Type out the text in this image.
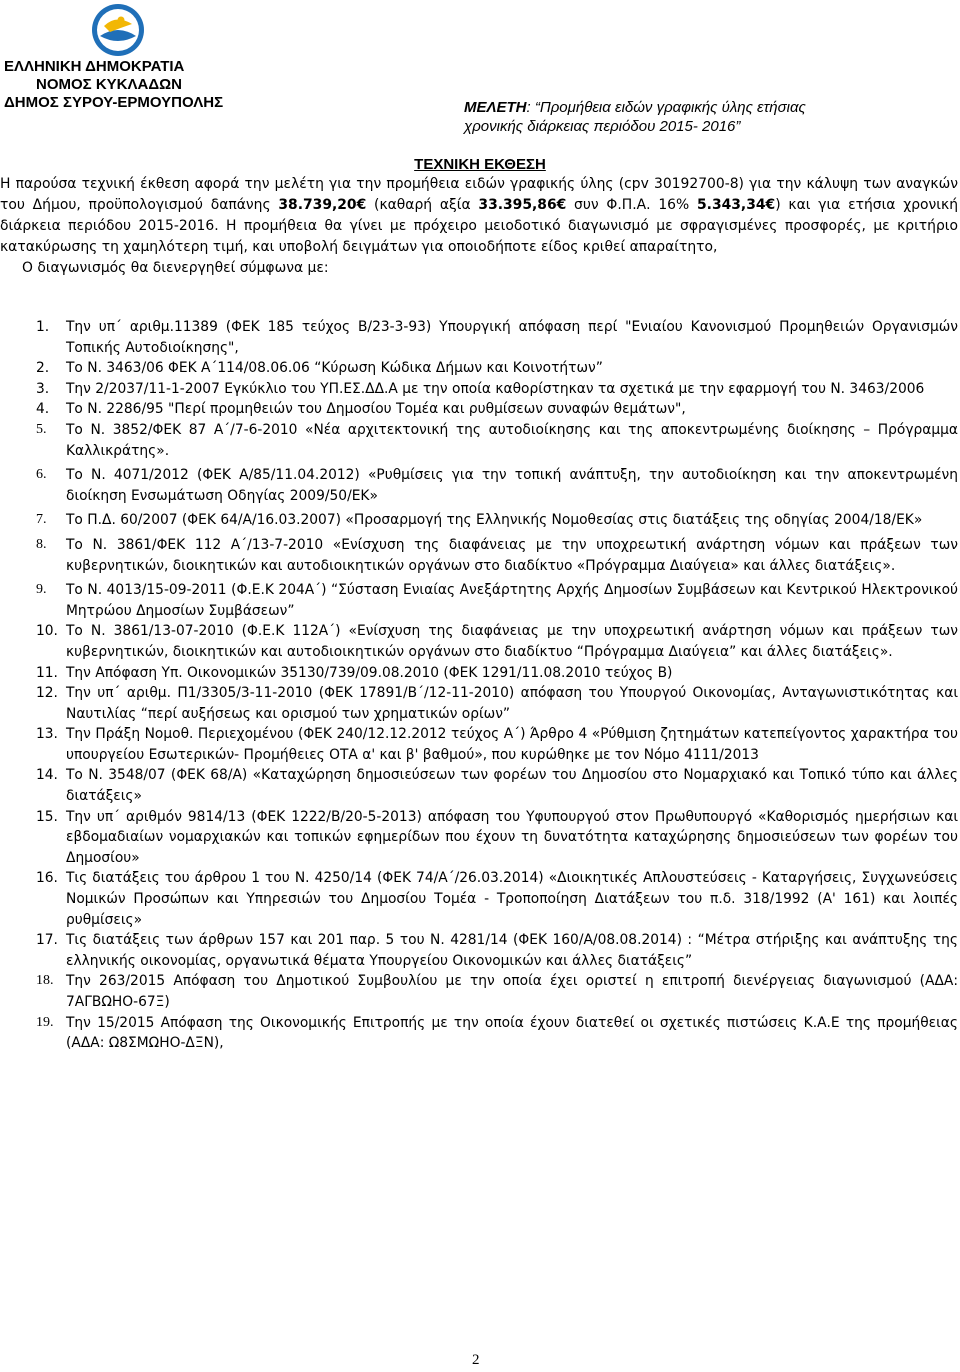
ΕΛΛΗΝΙΚΗ ΔΗΜΟΚΡΑΤΙΑ
ΝΟΜΟΣ ΚΥΚΛΑΔΩΝ
ΔΗΜΟΣ ΣΥΡΟΥ-ΕΡΜΟΥΠΟΛΗΣ	ΜΕΛΕΤΗ: “Προμήθεια ειδών γραφικής ύλης ετήσιας
χρονικής διάρκειας περιόδου 2015- 2016”
ΤΕΧΝΙΚΗ ΕΚΘΕΣΗ

Η παρούσα τεχνική έκθεση αφορά την μελέτη για την προμήθεια ειδών γραφικής ύλης (cpv 30192700-8) για την κάλυψη των αναγκών του Δήμου, προϋπολογισμού δαπάνης 38.739,20€ (καθαρή αξία 33.395,86€ συν Φ.Π.Α. 16% 5.343,34€) και για ετήσια χρονική διάρκεια περιόδου 2015-2016. Η προμήθεια θα γίνει με πρόχειρο μειοδοτικό διαγωνισμό με σφραγισμένες προσφορές, με κριτήριο κατακύρωσης τη χαμηλότερη τιμή, και υποβολή δειγμάτων για οποιοδήποτε είδος κριθεί απαραίτητο,

Ο διαγωνισμός θα διενεργηθεί σύμφωνα με:

1. Την υπ΄ αριθμ.11389 (ΦΕΚ 185 τεύχος Β/23-3-93) Υπουργική απόφαση περί "Ενιαίου Κανονισμού Προμηθειών Οργανισμών Τοπικής Αυτοδιοίκησης",
2. Το Ν. 3463/06 ΦΕΚ Α΄114/08.06.06 “Κύρωση Κώδικα Δήμων και Κοινοτήτων”
3. Την 2/2037/11-1-2007 Εγκύκλιο του ΥΠ.ΕΣ.ΔΔ.Α με την οποία καθορίστηκαν τα σχετικά με την εφαρμογή του Ν. 3463/2006
4. Το Ν. 2286/95 "Περί προμηθειών του Δημοσίου Τομέα και ρυθμίσεων συναφών θεμάτων",
5. Το Ν. 3852/ΦΕΚ 87 Α΄/7-6-2010 «Νέα αρχιτεκτονική της αυτοδιοίκησης και της αποκεντρωμένης διοίκησης – Πρόγραμμα Καλλικράτης».
6. Το Ν. 4071/2012 (ΦΕΚ Α/85/11.04.2012) «Ρυθμίσεις για την τοπική ανάπτυξη, την αυτοδιοίκηση και την αποκεντρωμένη διοίκηση Ενσωμάτωση Οδηγίας 2009/50/ΕΚ»
7. Το Π.Δ. 60/2007 (ΦΕΚ 64/Α/16.03.2007) «Προσαρμογή της Ελληνικής Νομοθεσίας στις διατάξεις της οδηγίας 2004/18/ΕΚ»
8. Το Ν. 3861/ΦΕΚ 112 Α΄/13-7-2010 «Ενίσχυση της διαφάνειας με την υποχρεωτική ανάρτηση νόμων και πράξεων των κυβερνητικών, διοικητικών και αυτοδιοικητικών οργάνων στο διαδίκτυο «Πρόγραμμα Διαύγεια» και άλλες διατάξεις».
9. Το Ν. 4013/15-09-2011 (Φ.Ε.Κ 204Α΄) “Σύσταση Ενιαίας Ανεξάρτητης Αρχής Δημοσίων Συμβάσεων και Κεντρικού Ηλεκτρονικού Μητρώου Δημοσίων Συμβάσεων”
10. Το Ν. 3861/13-07-2010 (Φ.Ε.Κ 112Α΄) «Ενίσχυση της διαφάνειας με την υποχρεωτική ανάρτηση νόμων και πράξεων των κυβερνητικών, διοικητικών και αυτοδιοικητικών οργάνων στο διαδίκτυο “Πρόγραμμα Διαύγεια” και άλλες διατάξεις».
11. Την Απόφαση Υπ. Οικονομικών 35130/739/09.08.2010 (ΦΕΚ 1291/11.08.2010 τεύχος Β)
12. Την υπ΄ αριθμ. Π1/3305/3-11-2010 (ΦΕΚ 17891/Β΄/12-11-2010) απόφαση του Υπουργού Οικονομίας, Ανταγωνιστικότητας και Ναυτιλίας “περί αυξήσεως και ορισμού των χρηματικών ορίων”
13. Την Πράξη Νομοθ. Περιεχομένου (ΦΕΚ 240/12.12.2012 τεύχος Α΄) Άρθρο 4 «Ρύθμιση ζητημάτων κατεπείγοντος χαρακτήρα του υπουργείου Εσωτερικών- Προμήθειες ΟΤΑ α' και β' βαθμού», που κυρώθηκε με τον Νόμο 4111/2013
14. Το Ν. 3548/07 (ΦΕΚ 68/Α) «Καταχώρηση δημοσιεύσεων των φορέων του Δημοσίου στο Νομαρχιακό και Τοπικό τύπο και άλλες διατάξεις»
15. Την υπ΄ αριθμόν 9814/13 (ΦΕΚ 1222/Β/20-5-2013) απόφαση του Υφυπουργού στον Πρωθυπουργό «Καθορισμός ημερήσιων και εβδομαδιαίων νομαρχιακών και τοπικών εφημερίδων που έχουν τη δυνατότητα καταχώρησης δημοσιεύσεων των φορέων του Δημοσίου»
16. Τις διατάξεις του άρθρου 1 του Ν. 4250/14 (ΦΕΚ 74/Α΄/26.03.2014) «Διοικητικές Απλουστεύσεις - Καταργήσεις, Συγχωνεύσεις Νομικών Προσώπων και Υπηρεσιών του Δημοσίου Τομέα - Τροποποίηση Διατάξεων του π.δ. 318/1992 (Α' 161) και λοιπές ρυθμίσεις»
17. Τις διατάξεις των άρθρων 157 και 201 παρ. 5 του Ν. 4281/14 (ΦΕΚ 160/Α/08.08.2014) : “Μέτρα στήριξης και ανάπτυξης της ελληνικής οικονομίας, οργανωτικά θέματα Υπουργείου Οικονομικών και άλλες διατάξεις”
18. Την 263/2015 Απόφαση του Δημοτικού Συμβουλίου με την οποία έχει οριστεί η επιτροπή διενέργειας διαγωνισμού (ΑΔΑ: 7ΑΓΒΩΗΟ-67Ξ)
19. Την 15/2015 Απόφαση της Οικονομικής Επιτροπής με την οποία έχουν διατεθεί οι σχετικές πιστώσεις Κ.Α.Ε της προμήθειας (ΑΔΑ: Ω8ΣΜΩΗΟ-ΔΞΝ),
2
